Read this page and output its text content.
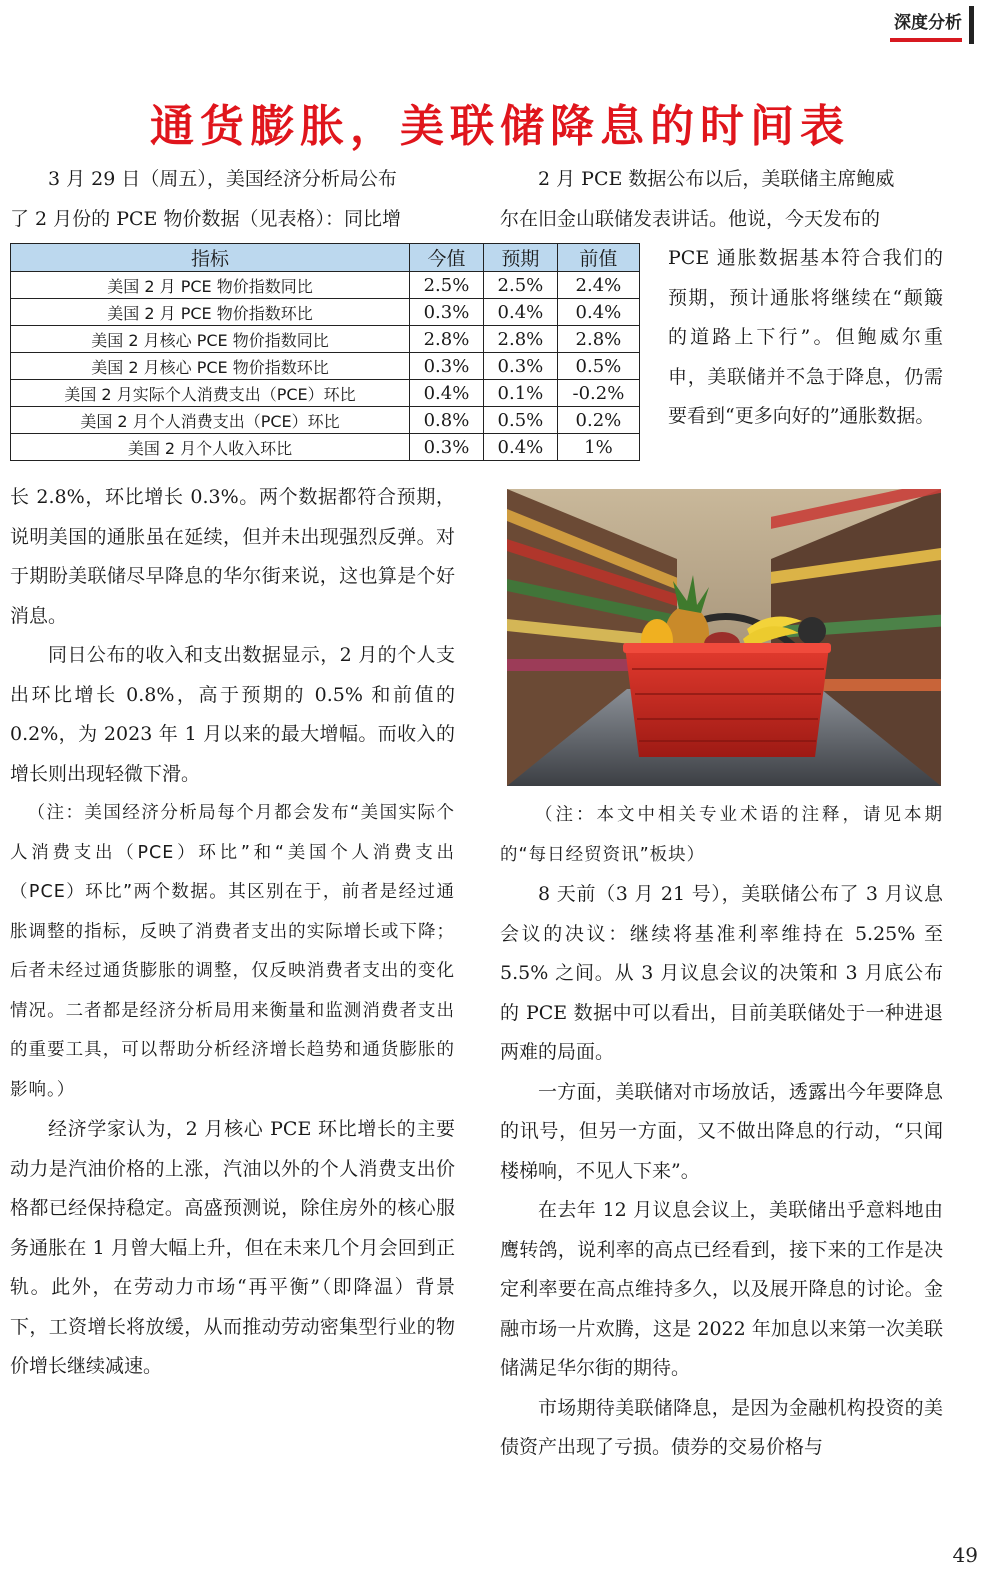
深度分析
通货膨胀，美联储降息的时间表

3 月 29 日（周五），美国经济分析局公布

了 2 月份的 PCE 物价数据（见表格）：同比增

指标	今值	预期	前值
美国 2 月 PCE 物价指数同比	2.5%	2.5%	2.4%
美国 2 月 PCE 物价指数环比	0.3%	0.4%	0.4%
美国 2 月核心 PCE 物价指数同比	2.8%	2.8%	2.8%
美国 2 月核心 PCE 物价指数环比	0.3%	0.3%	0.5%
美国 2 月实际个人消费支出（PCE）环比	0.4%	0.1%	-0.2%
美国 2 月个人消费支出（PCE）环比	0.8%	0.5%	0.2%
美国 2 月个人收入环比	0.3%	0.4%	1%

长 2.8%，环比增长 0.3%。两个数据都符合预期，说明美国的通胀虽在延续，但并未出现强烈反弹。对于期盼美联储尽早降息的华尔街来说，这也算是个好消息。

同日公布的收入和支出数据显示，2 月的个人支出环比增长 0.8%，高于预期的 0.5% 和前值的 0.2%，为 2023 年 1 月以来的最大增幅。而收入的增长则出现轻微下滑。

（注：美国经济分析局每个月都会发布“美国实际个人消费支出（PCE）环比”和“美国个人消费支出（PCE）环比”两个数据。其区别在于，前者是经过通胀调整的指标，反映了消费者支出的实际增长或下降；后者未经过通货膨胀的调整，仅反映消费者支出的变化情况。二者都是经济分析局用来衡量和监测消费者支出的重要工具，可以帮助分析经济增长趋势和通货膨胀的影响。）

经济学家认为，2 月核心 PCE 环比增长的主要动力是汽油价格的上涨，汽油以外的个人消费支出价格都已经保持稳定。高盛预测说，除住房外的核心服务通胀在 1 月曾大幅上升，但在未来几个月会回到正轨。此外，在劳动力市场“再平衡”（即降温）背景下，工资增长将放缓，从而推动劳动密集型行业的物价增长继续减速。

2 月 PCE 数据公布以后，美联储主席鲍威

尔在旧金山联储发表讲话。他说，今天发布的

PCE 通胀数据基本符合我们的预期，预计通胀将继续在“颠簸的道路上下行”。但鲍威尔重申，美联储并不急于降息，仍需要看到“更多向好的”通胀数据。

（注：本文中相关专业术语的注释，请见本期的“每日经贸资讯”板块）

8 天前（3 月 21 号），美联储公布了 3 月议息会议的决议：继续将基准利率维持在 5.25% 至 5.5% 之间。从 3 月议息会议的决策和 3 月底公布的 PCE 数据中可以看出，目前美联储处于一种进退两难的局面。

一方面，美联储对市场放话，透露出今年要降息的讯号，但另一方面，又不做出降息的行动，“只闻楼梯响，不见人下来”。

在去年 12 月议息会议上，美联储出乎意料地由鹰转鸽，说利率的高点已经看到，接下来的工作是决定利率要在高点维持多久，以及展开降息的讨论。金融市场一片欢腾，这是 2022 年加息以来第一次美联储满足华尔街的期待。

市场期待美联储降息，是因为金融机构投资的美债资产出现了亏损。债券的交易价格与

49
